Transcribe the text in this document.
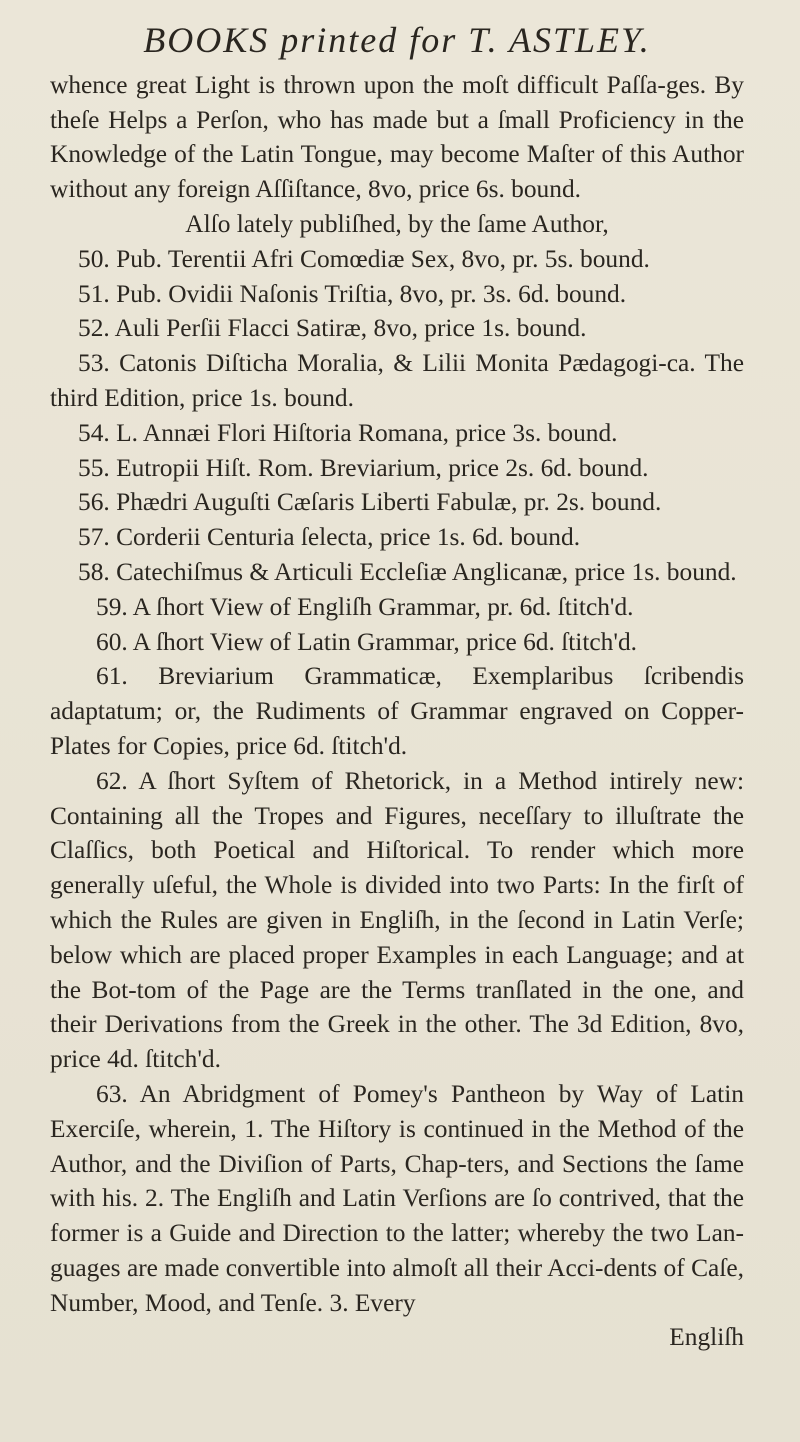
BOOKS printed for T. ASTLEY.

whence great Light is thrown upon the moſt difficult Paſſa-ges. By theſe Helps a Perſon, who has made but a ſmall Proficiency in the Knowledge of the Latin Tongue, may become Maſter of this Author without any foreign Aſſiſtance, 8vo, price 6s. bound.

Alſo lately publiſhed, by the ſame Author,

50. Pub. Terentii Afri Comœdiæ Sex, 8vo, pr. 5s. bound.

51. Pub. Ovidii Naſonis Triſtia, 8vo, pr. 3s. 6d. bound.

52. Auli Perſii Flacci Satiræ, 8vo, price 1s. bound.

53. Catonis Diſticha Moralia, & Lilii Monita Pædagogi-ca. The third Edition, price 1s. bound.

54. L. Annæi Flori Hiſtoria Romana, price 3s. bound.

55. Eutropii Hiſt. Rom. Breviarium, price 2s. 6d. bound.

56. Phædri Auguſti Cæſaris Liberti Fabulæ, pr. 2s. bound.

57. Corderii Centuria ſelecta, price 1s. 6d. bound.

58. Catechiſmus & Articuli Eccleſiæ Anglicanæ, price 1s. bound.

59. A ſhort View of Engliſh Grammar, pr. 6d. ſtitch'd.

60. A ſhort View of Latin Grammar, price 6d. ſtitch'd.

61. Breviarium Grammaticæ, Exemplaribus ſcribendis adaptatum; or, the Rudiments of Grammar engraved on Copper-Plates for Copies, price 6d. ſtitch'd.

62. A ſhort Syſtem of Rhetorick, in a Method intirely new: Containing all the Tropes and Figures, neceſſary to illuſtrate the Claſſics, both Poetical and Hiſtorical. To render which more generally uſeful, the Whole is divided into two Parts: In the firſt of which the Rules are given in Engliſh, in the ſecond in Latin Verſe; below which are placed proper Examples in each Language; and at the Bot-tom of the Page are the Terms tranſlated in the one, and their Derivations from the Greek in the other. The 3d Edition, 8vo, price 4d. ſtitch'd.

63. An Abridgment of Pomey's Pantheon by Way of Latin Exerciſe, wherein, 1. The Hiſtory is continued in the Method of the Author, and the Diviſion of Parts, Chap-ters, and Sections the ſame with his. 2. The Engliſh and Latin Verſions are ſo contrived, that the former is a Guide and Direction to the latter; whereby the two Lan-guages are made convertible into almoſt all their Acci-dents of Caſe, Number, Mood, and Tenſe. 3. Every

Engliſh
